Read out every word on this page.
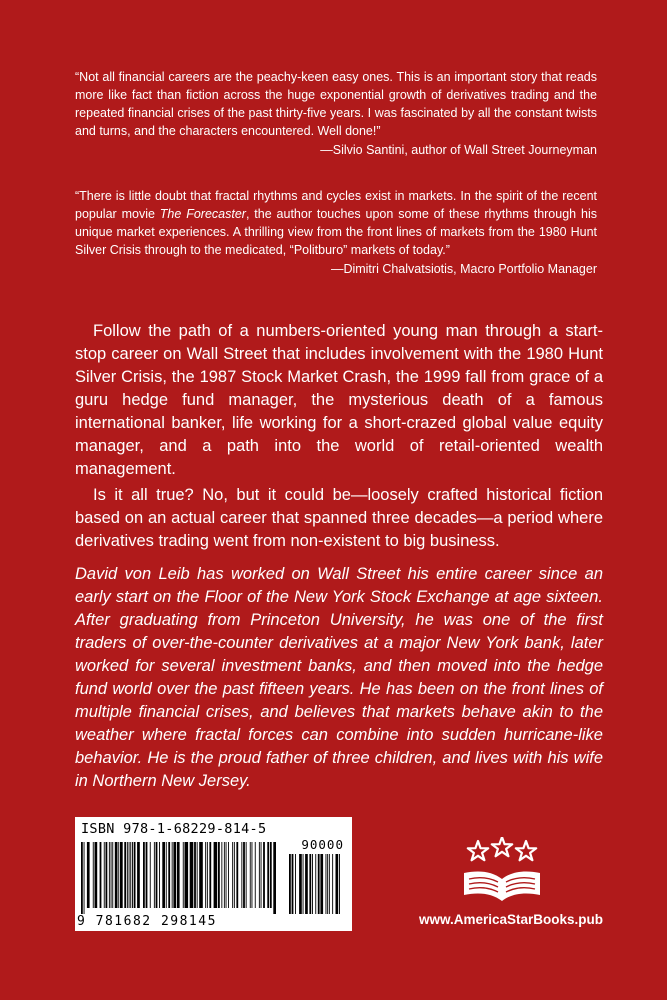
“Not all financial careers are the peachy-keen easy ones. This is an important story that reads more like fact than fiction across the huge exponential growth of derivatives trading and the repeated financial crises of the past thirty-five years. I was fascinated by all the constant twists and turns, and the characters encountered. Well done!”
—Silvio Santini, author of Wall Street Journeyman
“There is little doubt that fractal rhythms and cycles exist in markets. In the spirit of the recent popular movie The Forecaster, the author touches upon some of these rhythms through his unique market experiences. A thrilling view from the front lines of markets from the 1980 Hunt Silver Crisis through to the medicated, “Politburo” markets of today.”
—Dimitri Chalvatsiotis, Macro Portfolio Manager

Follow the path of a numbers-oriented young man through a start-stop career on Wall Street that includes involvement with the 1980 Hunt Silver Crisis, the 1987 Stock Market Crash, the 1999 fall from grace of a guru hedge fund manager, the mysterious death of a famous international banker, life working for a short-crazed global value equity manager, and a path into the world of retail-oriented wealth management.

Is it all true? No, but it could be—loosely crafted historical fiction based on an actual career that spanned three decades—a period where derivatives trading went from non-existent to big business.

David von Leib has worked on Wall Street his entire career since an early start on the Floor of the New York Stock Exchange at age sixteen. After graduating from Princeton University, he was one of the first traders of over-the-counter derivatives at a major New York bank, later worked for several investment banks, and then moved into the hedge fund world over the past fifteen years. He has been on the front lines of multiple financial crises, and believes that markets behave akin to the weather where fractal forces can combine into sudden hurricane-like behavior. He is the proud father of three children, and lives with his wife in Northern New Jersey.

ISBN 978-1-68229-814-5
90000
9 781682 298145	www.AmericaStarBooks.pub
